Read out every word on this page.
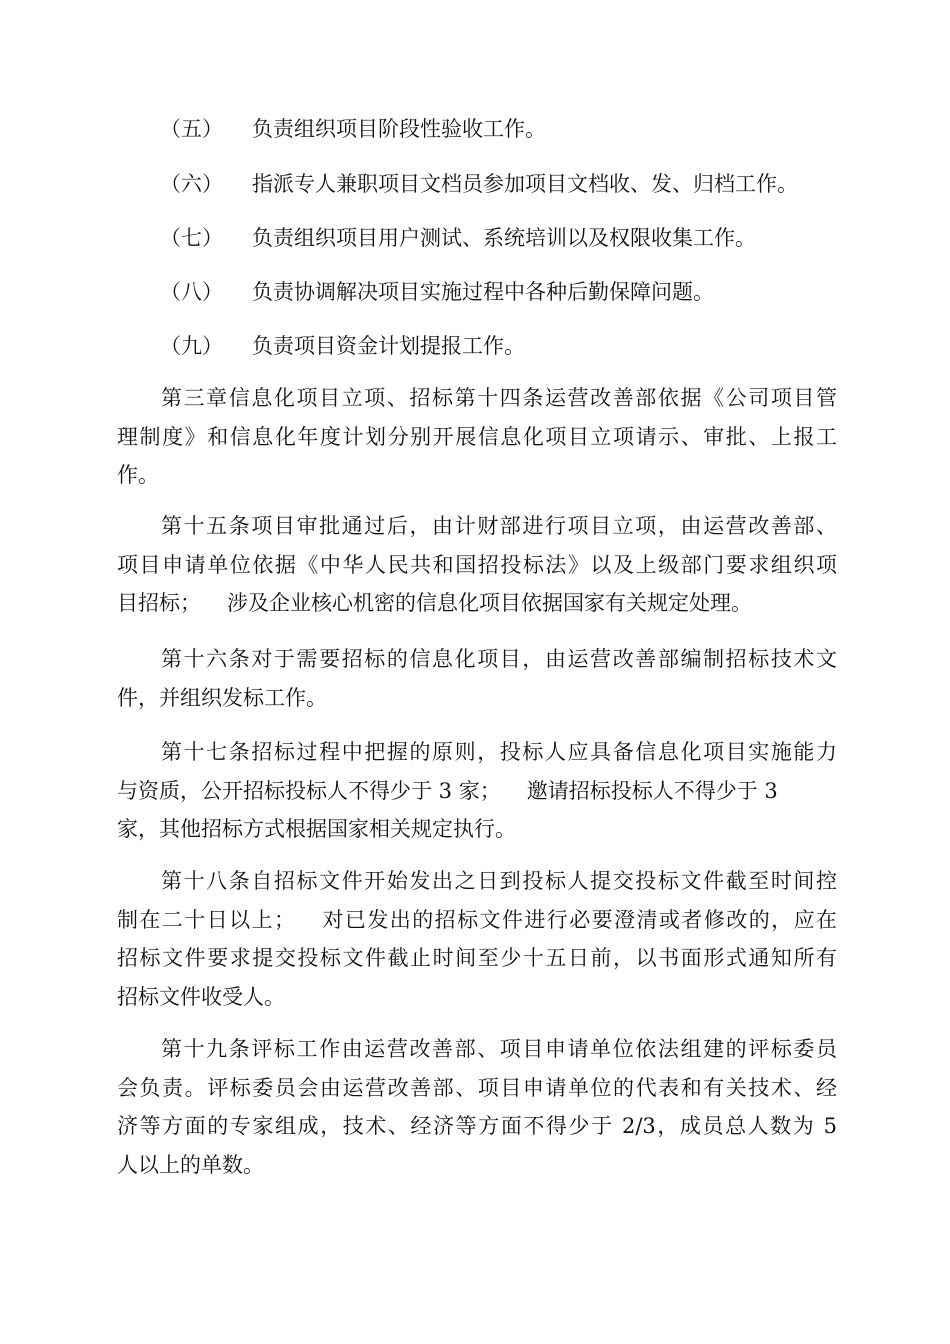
（五） 负责组织项目阶段性验收工作。
（六） 指派专人兼职项目文档员参加项目文档收、发、归档工作。
（七） 负责组织项目用户测试、系统培训以及权限收集工作。
（八） 负责协调解决项目实施过程中各种后勤保障问题。
（九） 负责项目资金计划提报工作。

第三章信息化项目立项、招标第十四条运营改善部依据《公司项目管
理制度》和信息化年度计划分别开展信息化项目立项请示、审批、上报工
作。

第十五条项目审批通过后，由计财部进行项目立项，由运营改善部、
项目申请单位依据《中华人民共和国招投标法》以及上级部门要求组织项
目招标； 涉及企业核心机密的信息化项目依据国家有关规定处理。

第十六条对于需要招标的信息化项目，由运营改善部编制招标技术文
件，并组织发标工作。

第十七条招标过程中把握的原则，投标人应具备信息化项目实施能力
与资质，公开招标投标人不得少于 3 家； 邀请招标投标人不得少于 3
家，其他招标方式根据国家相关规定执行。

第十八条自招标文件开始发出之日到投标人提交投标文件截至时间控
制在二十日以上； 对已发出的招标文件进行必要澄清或者修改的，应在
招标文件要求提交投标文件截止时间至少十五日前，以书面形式通知所有
招标文件收受人。

第十九条评标工作由运营改善部、项目申请单位依法组建的评标委员
会负责。评标委员会由运营改善部、项目申请单位的代表和有关技术、经
济等方面的专家组成，技术、经济等方面不得少于 2/3，成员总人数为 5
人以上的单数。
